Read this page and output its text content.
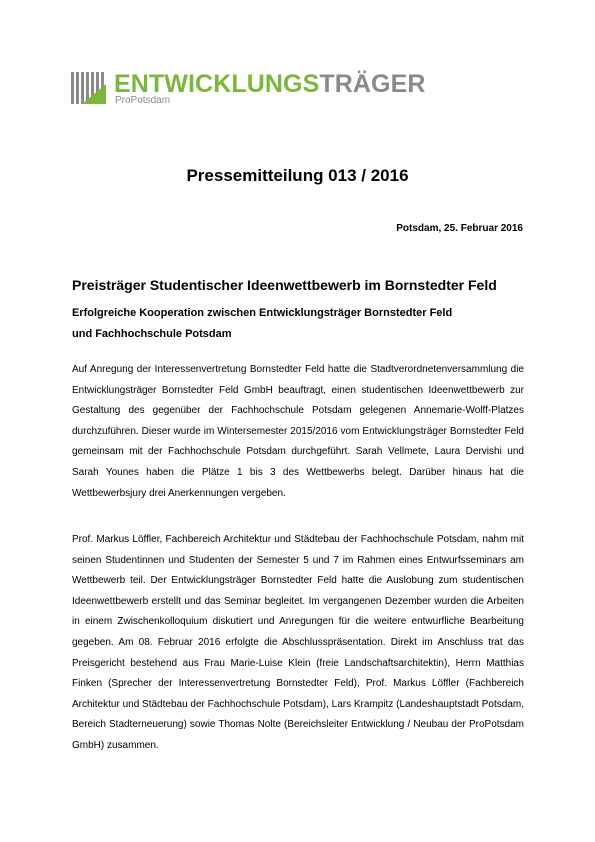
ENTWICKLUNGSTRÄGER
ProPotsdam
Pressemitteilung 013 / 2016
Potsdam, 25. Februar 2016
Preisträger Studentischer Ideenwettbewerb im Bornstedter Feld
Erfolgreiche Kooperation zwischen Entwicklungsträger Bornstedter Feld
und Fachhochschule Potsdam
Auf Anregung der Interessenvertretung Bornstedter Feld hatte die Stadtverordnetenversammlung die Entwicklungsträger Bornstedter Feld GmbH beauftragt, einen studentischen Ideenwettbewerb zur Gestaltung des gegenüber der Fachhochschule Potsdam gelegenen Annemarie-Wolff-Platzes durchzuführen. Dieser wurde im Wintersemester 2015/2016 vom Entwicklungsträger Bornstedter Feld gemeinsam mit der Fachhochschule Potsdam durchgeführt. Sarah Vellmete, Laura Dervishi und Sarah Younes haben die Plätze 1 bis 3 des Wettbewerbs belegt. Darüber hinaus hat die Wettbewerbsjury drei Anerkennungen vergeben.
Prof. Markus Löffler, Fachbereich Architektur und Städtebau der Fachhochschule Potsdam, nahm mit seinen Studentinnen und Studenten der Semester 5 und 7 im Rahmen eines Entwurfsseminars am Wettbewerb teil. Der Entwicklungsträger Bornstedter Feld hatte die Auslobung zum studentischen Ideenwettbewerb erstellt und das Seminar begleitet. Im vergangenen Dezember wurden die Arbeiten in einem Zwischenkolloquium diskutiert und Anregungen für die weitere entwurfliche Bearbeitung gegeben. Am 08. Februar 2016 erfolgte die Abschlusspräsentation. Direkt im Anschluss trat das Preisgericht bestehend aus Frau Marie-Luise Klein (freie Landschaftsarchitektin), Herrn Matthias Finken (Sprecher der Interessenvertretung Bornstedter Feld), Prof. Markus Löffler (Fachbereich Architektur und Städtebau der Fachhochschule Potsdam), Lars Krampitz (Landeshauptstadt Potsdam, Bereich Stadterneuerung) sowie Thomas Nolte (Bereichsleiter Entwicklung / Neubau der ProPotsdam GmbH) zusammen.
